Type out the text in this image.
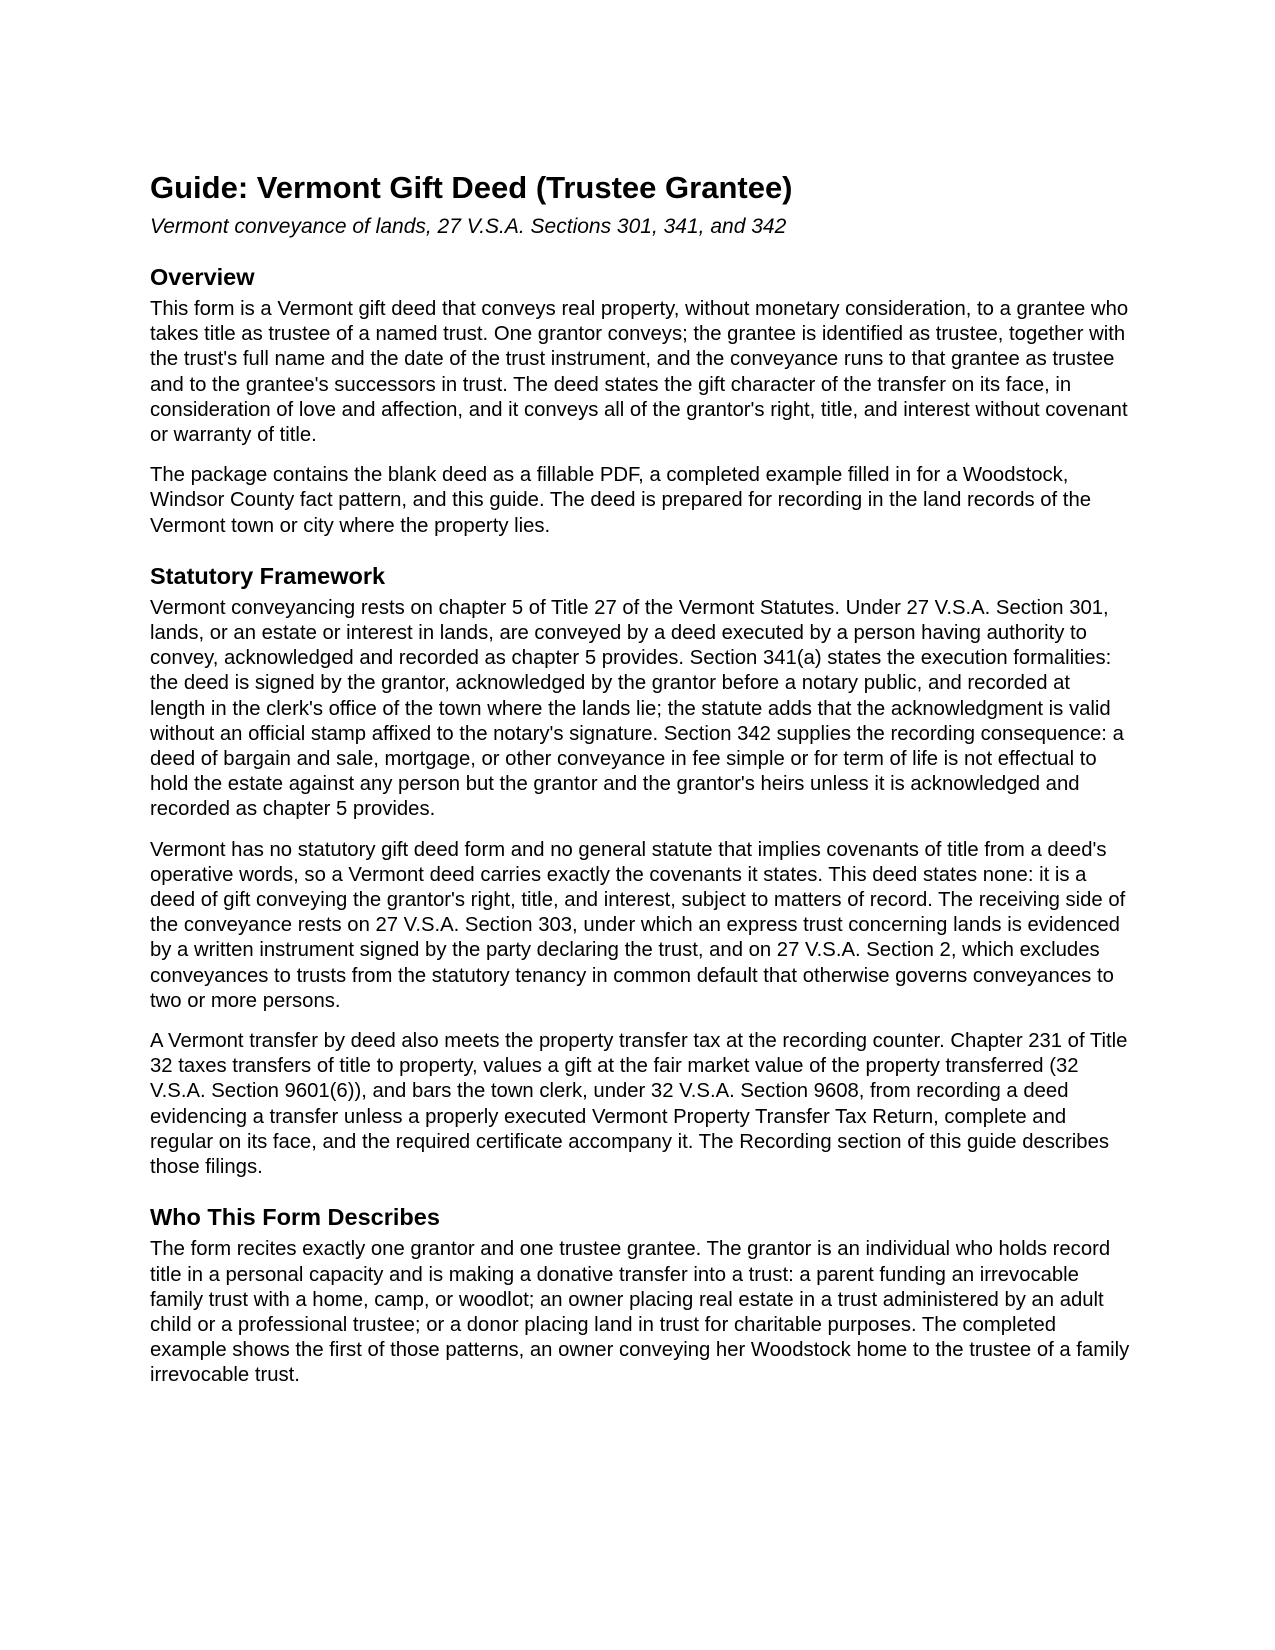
Guide: Vermont Gift Deed (Trustee Grantee)
Vermont conveyance of lands, 27 V.S.A. Sections 301, 341, and 342
Overview

This form is a Vermont gift deed that conveys real property, without monetary consideration, to a grantee who takes title as trustee of a named trust. One grantor conveys; the grantee is identified as trustee, together with the trust's full name and the date of the trust instrument, and the conveyance runs to that grantee as trustee and to the grantee's successors in trust. The deed states the gift character of the transfer on its face, in consideration of love and affection, and it conveys all of the grantor's right, title, and interest without covenant or warranty of title.

The package contains the blank deed as a fillable PDF, a completed example filled in for a Woodstock, Windsor County fact pattern, and this guide. The deed is prepared for recording in the land records of the Vermont town or city where the property lies.

Statutory Framework

Vermont conveyancing rests on chapter 5 of Title 27 of the Vermont Statutes. Under 27 V.S.A. Section 301, lands, or an estate or interest in lands, are conveyed by a deed executed by a person having authority to convey, acknowledged and recorded as chapter 5 provides. Section 341(a) states the execution formalities: the deed is signed by the grantor, acknowledged by the grantor before a notary public, and recorded at length in the clerk's office of the town where the lands lie; the statute adds that the acknowledgment is valid without an official stamp affixed to the notary's signature. Section 342 supplies the recording consequence: a deed of bargain and sale, mortgage, or other conveyance in fee simple or for term of life is not effectual to hold the estate against any person but the grantor and the grantor's heirs unless it is acknowledged and recorded as chapter 5 provides.

Vermont has no statutory gift deed form and no general statute that implies covenants of title from a deed's operative words, so a Vermont deed carries exactly the covenants it states. This deed states none: it is a deed of gift conveying the grantor's right, title, and interest, subject to matters of record. The receiving side of the conveyance rests on 27 V.S.A. Section 303, under which an express trust concerning lands is evidenced by a written instrument signed by the party declaring the trust, and on 27 V.S.A. Section 2, which excludes conveyances to trusts from the statutory tenancy in common default that otherwise governs conveyances to two or more persons.

A Vermont transfer by deed also meets the property transfer tax at the recording counter. Chapter 231 of Title 32 taxes transfers of title to property, values a gift at the fair market value of the property transferred (32 V.S.A. Section 9601(6)), and bars the town clerk, under 32 V.S.A. Section 9608, from recording a deed evidencing a transfer unless a properly executed Vermont Property Transfer Tax Return, complete and regular on its face, and the required certificate accompany it. The Recording section of this guide describes those filings.

Who This Form Describes

The form recites exactly one grantor and one trustee grantee. The grantor is an individual who holds record title in a personal capacity and is making a donative transfer into a trust: a parent funding an irrevocable family trust with a home, camp, or woodlot; an owner placing real estate in a trust administered by an adult child or a professional trustee; or a donor placing land in trust for charitable purposes. The completed example shows the first of those patterns, an owner conveying her Woodstock home to the trustee of a family irrevocable trust.
